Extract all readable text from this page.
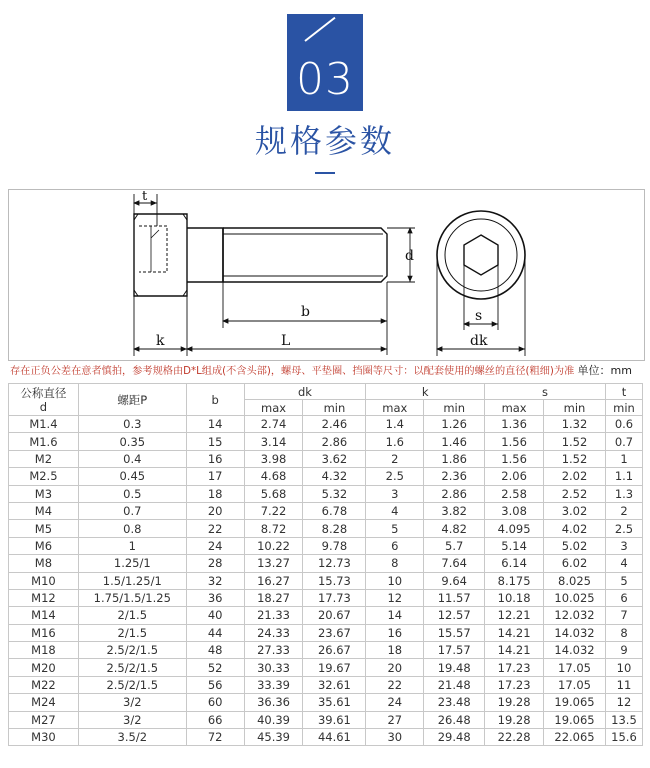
03
规格参数
t
d
b
k	L
s
dk
存在正负公差在意者慎拍，参考规格由D*L组成(不含头部)，螺母、平垫圈、挡圈等尺寸：以配套使用的螺丝的直径(粗细)为准 单位：mm
公称直径
d	螺距P	b	dk		k		s		t
			max	min	max	min	max	min	min
M1.4	0.3	14	2.74	2.46	1.4	1.26	1.36	1.32	0.6
M1.6	0.35	15	3.14	2.86	1.6	1.46	1.56	1.52	0.7
M2	0.4	16	3.98	3.62	2	1.86	1.56	1.52	1
M2.5	0.45	17	4.68	4.32	2.5	2.36	2.06	2.02	1.1
M3	0.5	18	5.68	5.32	3	2.86	2.58	2.52	1.3
M4	0.7	20	7.22	6.78	4	3.82	3.08	3.02	2
M5	0.8	22	8.72	8.28	5	4.82	4.095	4.02	2.5
M6	1	24	10.22	9.78	6	5.7	5.14	5.02	3
M8	1.25/1	28	13.27	12.73	8	7.64	6.14	6.02	4
M10	1.5/1.25/1	32	16.27	15.73	10	9.64	8.175	8.025	5
M12	1.75/1.5/1.25	36	18.27	17.73	12	11.57	10.18	10.025	6
M14	2/1.5	40	21.33	20.67	14	12.57	12.21	12.032	7
M16	2/1.5	44	24.33	23.67	16	15.57	14.21	14.032	8
M18	2.5/2/1.5	48	27.33	26.67	18	17.57	14.21	14.032	9
M20	2.5/2/1.5	52	30.33	19.67	20	19.48	17.23	17.05	10
M22	2.5/2/1.5	56	33.39	32.61	22	21.48	17.23	17.05	11
M24	3/2	60	36.36	35.61	24	23.48	19.28	19.065	12
M27	3/2	66	40.39	39.61	27	26.48	19.28	19.065	13.5
M30	3.5/2	72	45.39	44.61	30	29.48	22.28	22.065	15.6
